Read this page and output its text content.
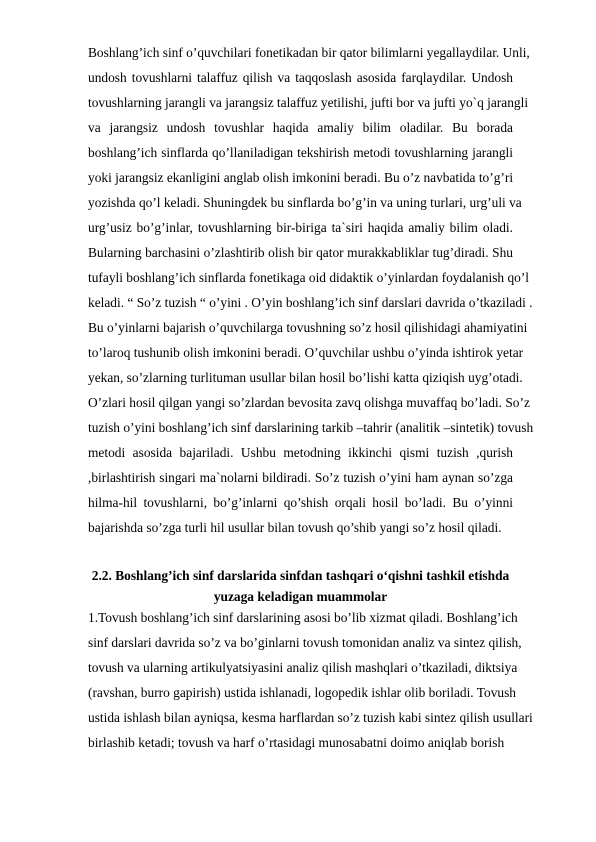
Boshlang’ich sinf o’quvchilari fonetikadan bir qator bilimlarni yegallaydilar. Unli,
undosh tovushlarni talaffuz qilish va taqqoslash asosida farqlaydilar. Undosh
tovushlarning jarangli va jarangsiz talaffuz yetilishi, jufti bor va jufti yo`q jarangli
va jarangsiz undosh tovushlar haqida amaliy bilim oladilar. Bu borada
boshlang’ich sinflarda qo’llaniladigan tekshirish metodi tovushlarning jarangli
yoki jarangsiz ekanligini anglab olish imkonini beradi. Bu o’z navbatida to’g’ri
yozishda qo’l keladi. Shuningdek bu sinflarda bo’g’in va uning turlari, urg’uli va
urg’usiz bo’g’inlar, tovushlarning bir-biriga ta`siri haqida amaliy bilim oladi.
Bularning barchasini o’zlashtirib olish bir qator murakkabliklar tug’diradi. Shu
tufayli boshlang’ich sinflarda fonetikaga oid didaktik o’yinlardan foydalanish qo’l
keladi. “ So’z tuzish “ o’yini . O’yin boshlang’ich sinf darslari davrida o’tkaziladi .
Bu o’yinlarni bajarish o’quvchilarga tovushning so’z hosil qilishidagi ahamiyatini
to’laroq tushunib olish imkonini beradi. O’quvchilar ushbu o’yinda ishtirok yetar
yekan, so’zlarning turlituman usullar bilan hosil bo’lishi katta qiziqish uyg’otadi.
O’zlari hosil qilgan yangi so’zlardan bevosita zavq olishga muvaffaq bo’ladi. So’z
tuzish o’yini boshlang’ich sinf darslarining tarkib –tahrir (analitik –sintetik) tovush
metodi asosida bajariladi. Ushbu metodning ikkinchi qismi tuzish ,qurish
,birlashtirish singari ma`nolarni bildiradi. So’z tuzish o’yini ham aynan so’zga
hilma-hil tovushlarni, bo’g’inlarni qo’shish orqali hosil bo’ladi. Bu o’yinni
bajarishda so’zga turli hil usullar bilan tovush qo’shib yangi so’z hosil qiladi.
2.2. Boshlang’ich sinf darslarida sinfdan tashqari o‘qishni tashkil etishda
yuzaga keladigan muammolar
1.Tovush boshlang’ich sinf darslarining asosi bo’lib xizmat qiladi. Boshlang’ich
sinf darslari davrida so’z va bo’ginlarni tovush tomonidan analiz va sintez qilish,
tovush va ularning artikulyatsiyasini analiz qilish mashqlari o’tkaziladi, diktsiya
(ravshan, burro gapirish) ustida ishlanadi, logopedik ishlar olib boriladi. Tovush
ustida ishlash bilan ayniqsa, kesma harflardan so’z tuzish kabi sintez qilish usullari
birlashib ketadi; tovush va harf o’rtasidagi munosabatni doimo aniqlab borish
